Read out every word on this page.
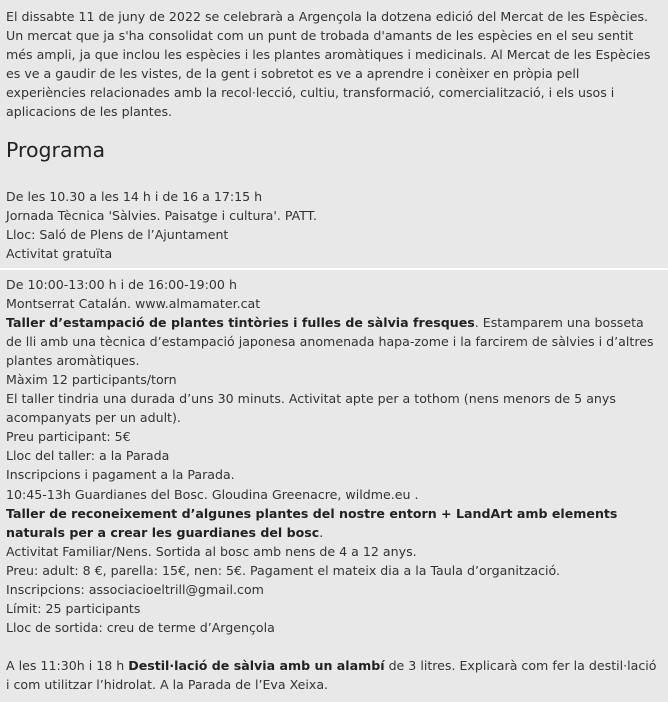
El dissabte 11 de juny de 2022 se celebrarà a Argençola la dotzena edició del Mercat de les Espècies. Un mercat que ja s'ha consolidat com un punt de trobada d'amants de les espècies en el seu sentit més ampli, ja que inclou les espècies i les plantes aromàtiques i medicinals. Al Mercat de les Espècies es ve a gaudir de les vistes, de la gent i sobretot es ve a aprendre i conèixer en pròpia pell experiències relacionades amb la recol·lecció, cultiu, transformació, comercialització, i els usos i aplicacions de les plantes.

Programa
De les 10.30 a les 14 h i de 16 a 17:15 h
Jornada Tècnica 'Sàlvies. Paisatge i cultura'. PATT.
Lloc: Saló de Plens de l’Ajuntament
Activitat gratuïta
De 10:00-13:00 h i de 16:00-19:00 h
Montserrat Catalán. www.almamater.cat
Taller d’estampació de plantes tintòries i fulles de sàlvia fresques. Estamparem una bosseta de lli amb una tècnica d’estampació japonesa anomenada hapa-zome i la farcirem de sàlvies i d’altres plantes aromàtiques.
Màxim 12 participants/torn
El taller tindria una durada d’uns 30 minuts. Activitat apte per a tothom (nens menors de 5 anys acompanyats per un adult).
Preu participant: 5€
Lloc del taller: a la Parada
Inscripcions i pagament a la Parada.
10:45-13h Guardianes del Bosc. Gloudina Greenacre, wildme.eu .
Taller de reconeixement d’algunes plantes del nostre entorn + LandArt amb elements naturals per a crear les guardianes del bosc.
Activitat Familiar/Nens. Sortida al bosc amb nens de 4 a 12 anys.
Preu: adult: 8 €, parella: 15€, nen: 5€. Pagament el mateix dia a la Taula d’organització.
Inscripcions: associacioeltrill@gmail.com
Límit: 25 participants
Lloc de sortida: creu de terme d’Argençola
A les 11:30h i 18 h Destil·lació de sàlvia amb un alambí de 3 litres. Explicarà com fer la destil·lació i com utilitzar l’hidrolat. A la Parada de l’Eva Xeixa.
